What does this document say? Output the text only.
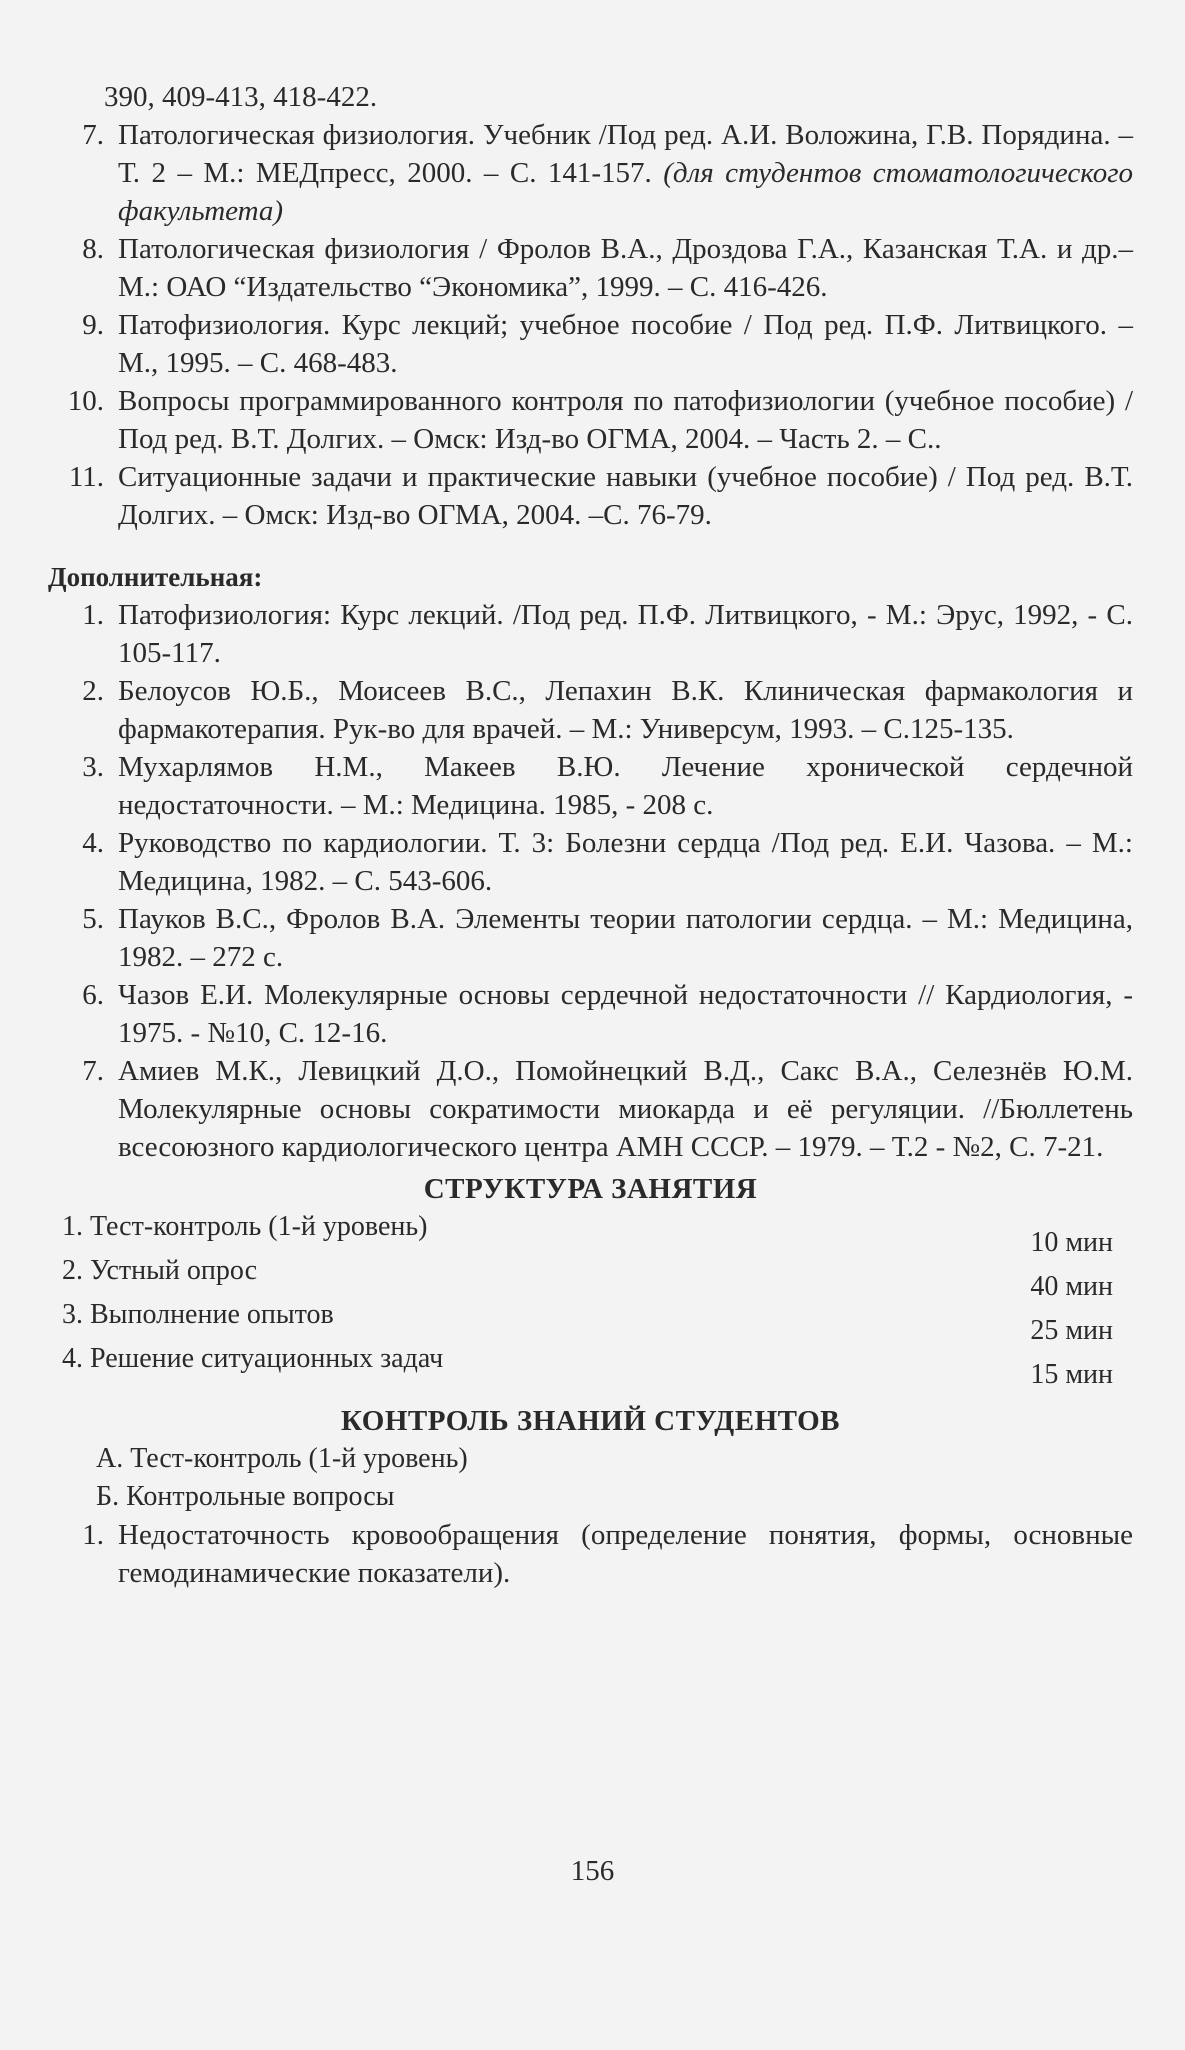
390, 409-413, 418-422.
7. Патологическая физиология. Учебник /Под ред. А.И. Воложина, Г.В. Порядина. – Т. 2 – М.: МЕДпресс, 2000. – С. 141-157. (для студентов стоматологического факультета)
8. Патологическая физиология / Фролов В.А., Дроздова Г.А., Казанская Т.А. и др.– М.: ОАО “Издательство “Экономика”, 1999. – С. 416-426.
9. Патофизиология. Курс лекций; учебное пособие / Под ред. П.Ф. Литвицкого. – М., 1995. – С. 468-483.
10. Вопросы программированного контроля по патофизиологии (учебное пособие) / Под ред. В.Т. Долгих. – Омск: Изд-во ОГМА, 2004. – Часть 2. – С..
11. Ситуационные задачи и практические навыки (учебное пособие) / Под ред. В.Т. Долгих. – Омск: Изд-во ОГМА, 2004. –С. 76-79.
Дополнительная:
1. Патофизиология: Курс лекций. /Под ред. П.Ф. Литвицкого, - М.: Эрус, 1992, - С. 105-117.
2. Белоусов Ю.Б., Моисеев В.С., Лепахин В.К. Клиническая фармакология и фармакотерапия. Рук-во для врачей. – М.: Универсум, 1993. – С.125-135.
3. Мухарлямов Н.М., Макеев В.Ю. Лечение хронической сердечной недостаточности. – М.: Медицина. 1985, - 208 с.
4. Руководство по кардиологии. Т. 3: Болезни сердца /Под ред. Е.И. Чазова. – М.: Медицина, 1982. – С. 543-606.
5. Пауков В.С., Фролов В.А. Элементы теории патологии сердца. – М.: Медицина, 1982. – 272 с.
6. Чазов Е.И. Молекулярные основы сердечной недостаточности // Кардиология, - 1975. - №10, С. 12-16.
7. Амиев М.К., Левицкий Д.О., Помойнецкий В.Д., Сакс В.А., Селезнёв Ю.М. Молекулярные основы сократимости миокарда и её регуляции. //Бюллетень всесоюзного кардиологического центра АМН СССР. – 1979. – Т.2 - №2, С. 7-21.
СТРУКТУРА ЗАНЯТИЯ
1. Тест-контроль (1-й уровень)
10 мин
2. Устный опрос
40 мин
3. Выполнение опытов
25 мин
4. Решение ситуационных задач
15 мин
КОНТРОЛЬ ЗНАНИЙ СТУДЕНТОВ
А. Тест-контроль (1-й уровень)
Б. Контрольные вопросы
1. Недостаточность кровообращения (определение понятия, формы, основные гемодинамические показатели).
156
